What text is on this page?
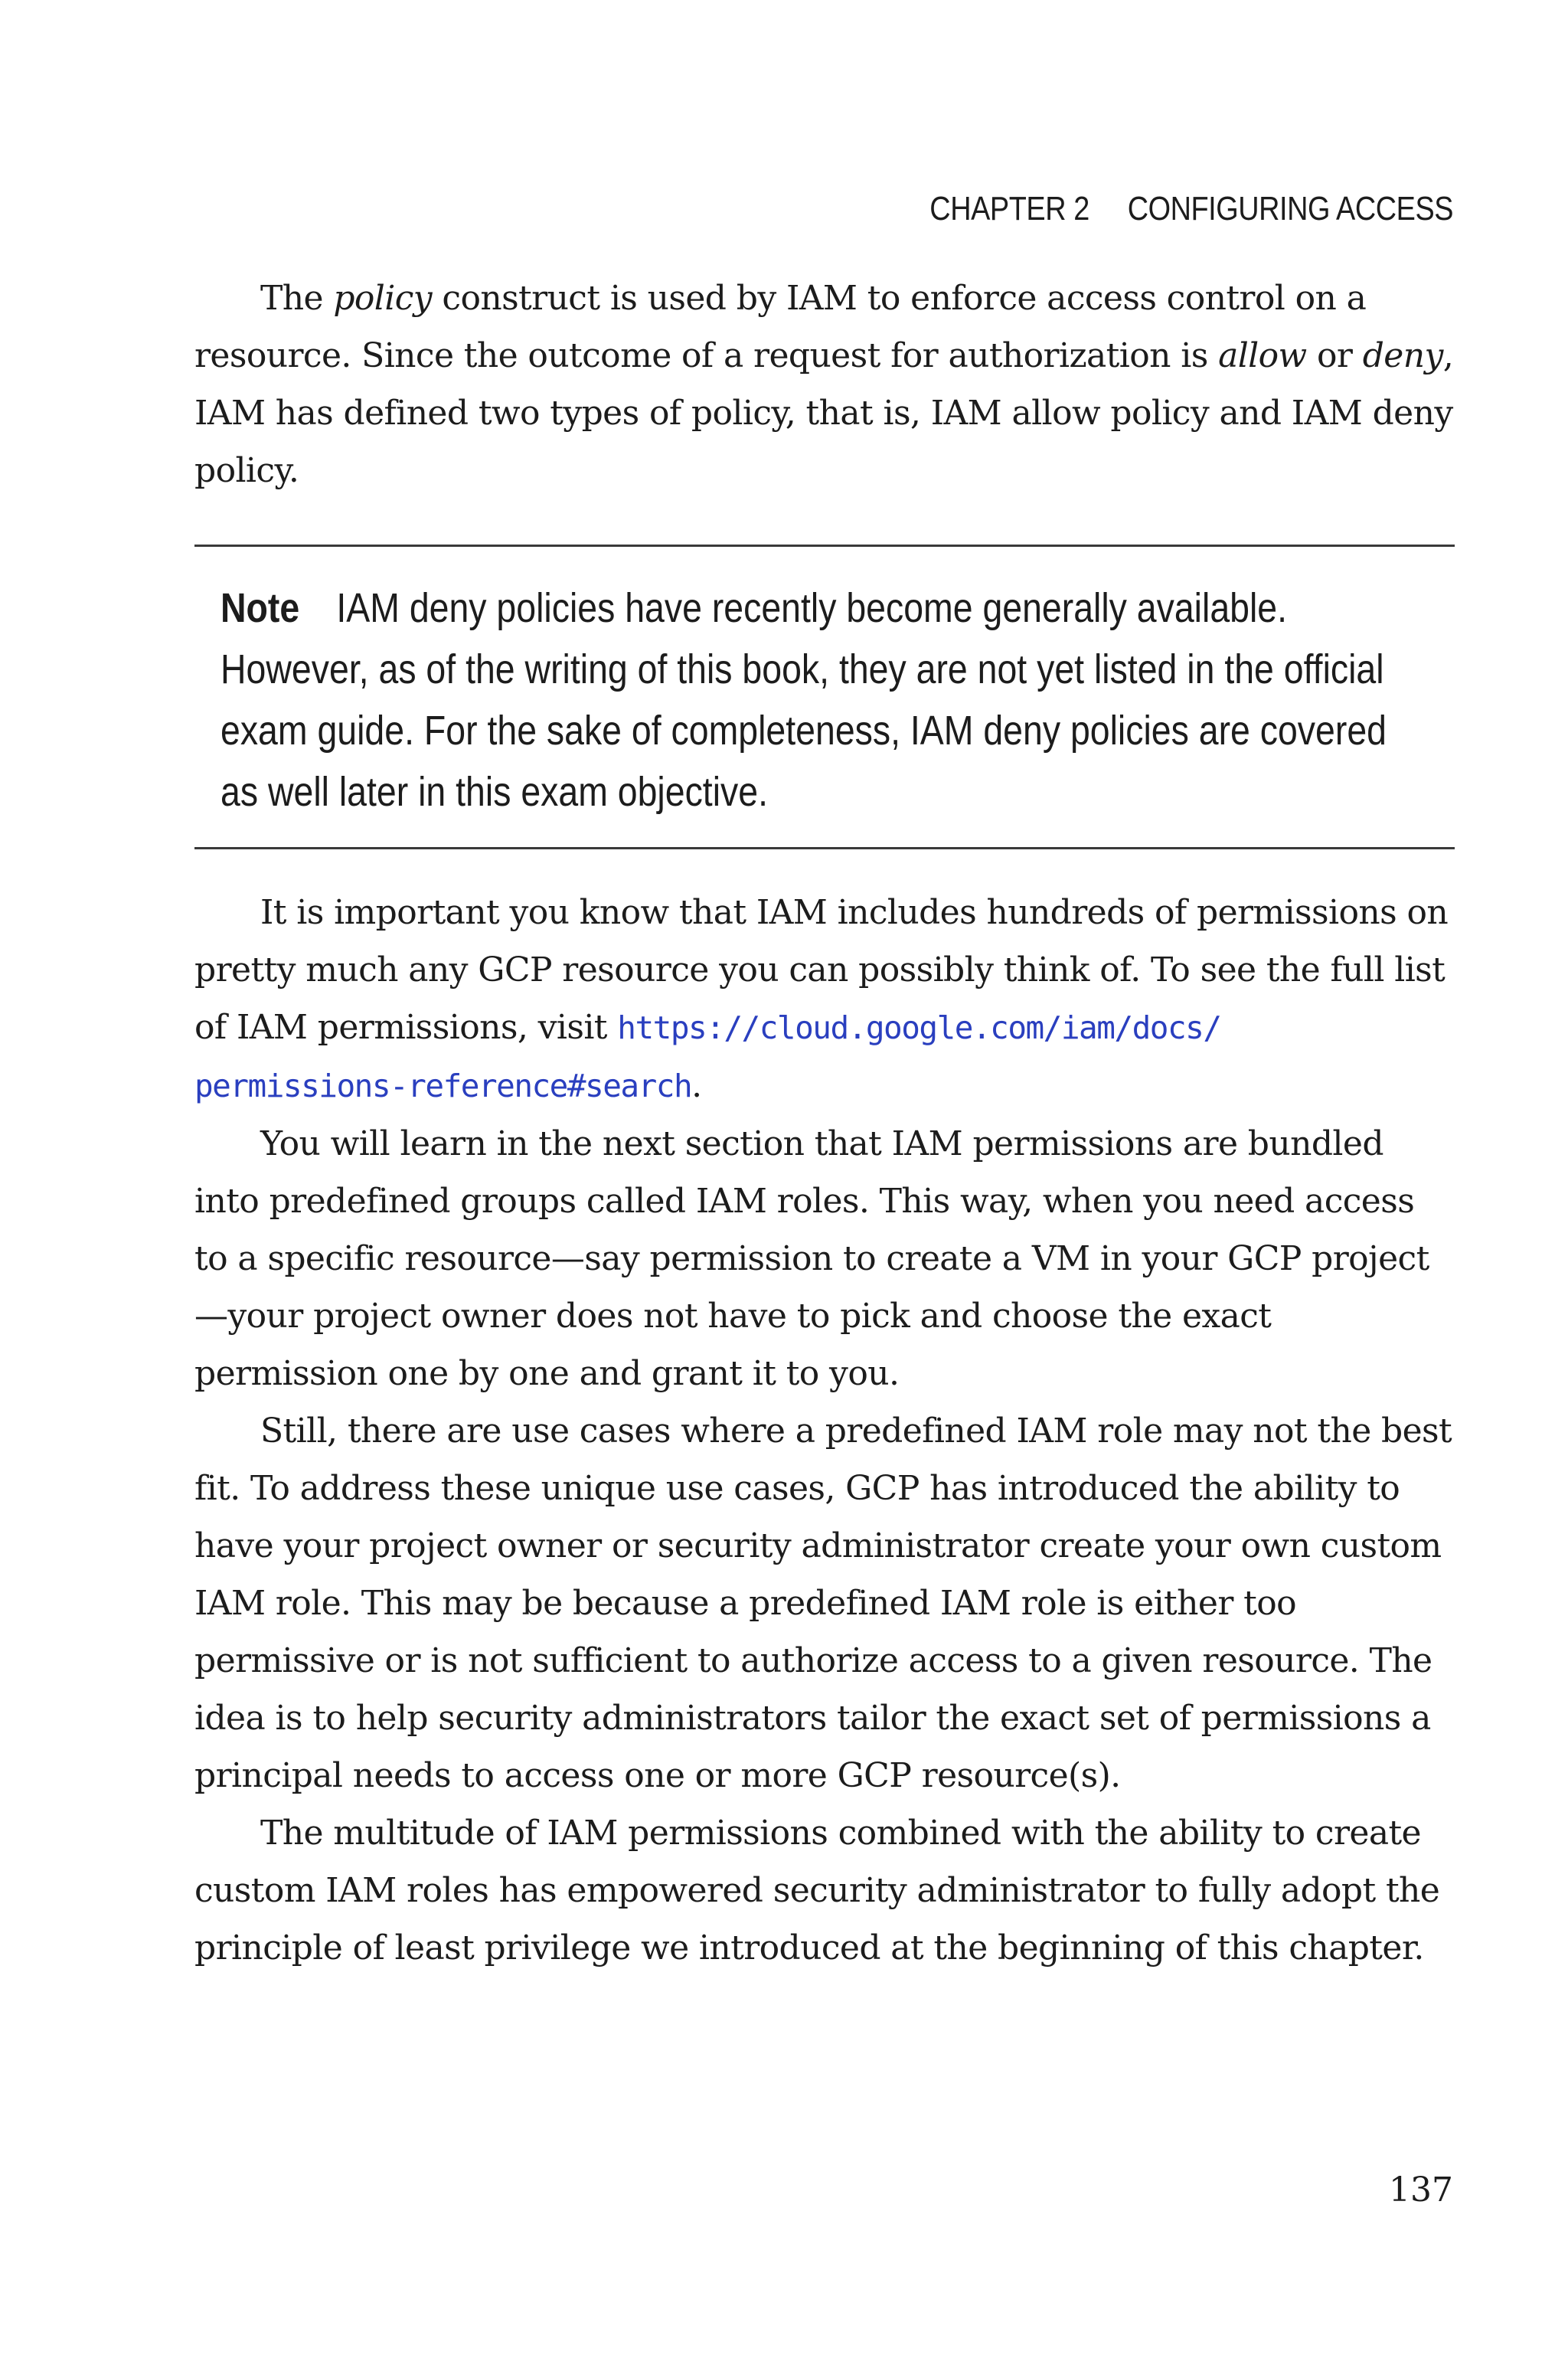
CHAPTER 2 CONFIGURING ACCESS

The policy construct is used by IAM to enforce access control on a resource. Since the outcome of a request for authorization is allow or deny, IAM has defined two types of policy, that is, IAM allow policy and IAM deny policy.

Note IAM deny policies have recently become generally available. However, as of the writing of this book, they are not yet listed in the official exam guide. For the sake of completeness, IAM deny policies are covered as well later in this exam objective.

It is important you know that IAM includes hundreds of permissions on pretty much any GCP resource you can possibly think of. To see the full list of IAM permissions, visit https://cloud.google.com/iam/docs/
permissions-reference#search.

You will learn in the next section that IAM permissions are bundled into predefined groups called IAM roles. This way, when you need access to a specific resource—say permission to create a VM in your GCP project—your project owner does not have to pick and choose the exact permission one by one and grant it to you.

Still, there are use cases where a predefined IAM role may not the best fit. To address these unique use cases, GCP has introduced the ability to have your project owner or security administrator create your own custom IAM role. This may be because a predefined IAM role is either too permissive or is not sufficient to authorize access to a given resource. The idea is to help security administrators tailor the exact set of permissions a principal needs to access one or more GCP resource(s).

The multitude of IAM permissions combined with the ability to create custom IAM roles has empowered security administrator to fully adopt the principle of least privilege we introduced at the beginning of this chapter.

137
